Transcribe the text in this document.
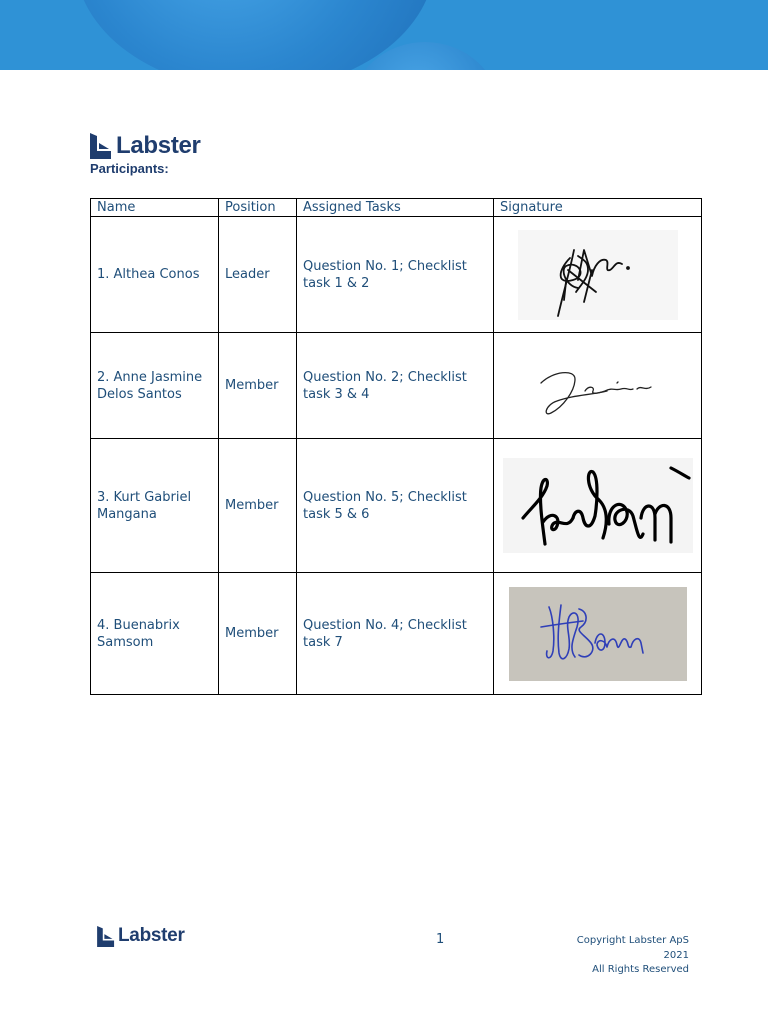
Labster
Participants:
Name	Position	Assigned Tasks	Signature
1. Althea Conos	Leader	Question No. 1; Checklist task 1 & 2	

2. Anne Jasmine Delos Santos	Member	Question No. 2; Checklist task 3 & 4	

3. Kurt Gabriel Mangana	Member	Question No. 5; Checklist task 5 & 6	

4. Buenabrix Samsom	Member	Question No. 4; Checklist task 7	
Labster	1	Copyright Labster ApS
2021
All Rights Reserved
